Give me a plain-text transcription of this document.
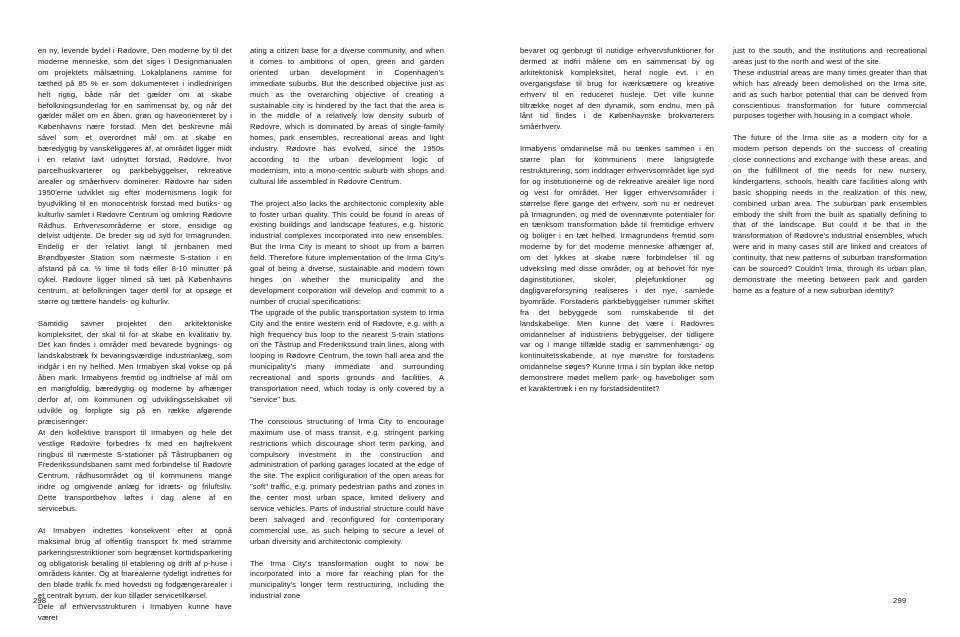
en ny, levende bydel i Rødovre, Den moderne by til det moderne menneske, som det siges i Designmanualen om projektets målsætning. Lokalplanens ramme for tæthed på 85 % er som dokumenteret i indledningen helt rigtig, både når det gælder om at skabe befolkningsunderlag for en sammensat by, og når det gælder målet om en åben, grøn og haveorienteret by i Københavns nære forstad. Men det beskrevne mål såvel som et overordnet mål om at skabe en bæredygtig by vanskeliggøres af, at området ligger midt i en relativt lavt udnyttet forstad, Rødovre, hvor parcelhuskvarterer og parkbebyggelser, rekreative arealer og småerhverv dominerer. Rødovre har siden 1950'erne udviklet sig efter modernismens logik for byudvikling til en monocentrisk forstad med butiks- og kulturliv samlet i Rødovre Centrum og omkring Rødovre Rådhus. Erhvervsområderne er store, ensidige og delvist udtjente. De breder sig ud syd for Irmagrunden. Endelig er der relativt langt til jernbanen med Brøndbyøster Station som nærmeste S-station i en afstand på ca. ½ time til fods eller 8-10 minutter på cykel. Rødovre ligger tilmed så tæt på Københavns centrum, at befolkningen tager dertil for at opsøge et større og tættere handels- og kulturliv.

Samtidig savner projektet den arkitektoniske kompleksitet, der skal til for at skabe en kvalitativ by. Det kan findes i områder med bevarede bygnings- og landskabstræk fx bevaringsværdige industrianlæg, som indgår i en ny helhed. Men Irmabyen skal vokse op på åben mark. Irmabyens fremtid og indfrielse af mål om en mangfoldig, bæredygtig og moderne by afhænger derfor af, om kommunen og udviklingsselskabet vil udvikle og forpligte sig på en række afgørende præciseringer:

At den kollektive transport til Irmabyen og hele det vestlige Rødovre forbedres fx med en højfrekvent ringbus til nærmeste S-stationer på Tåstrupbanen og Frederikssundsbanen samt med forbindelse til Rødovre Centrum, rådhusområdet og til kommunens mange indre og omgivende anlæg for idræts- og friluftsliv. Dette transportbehov løftes i dag alene af en servicebus.

At Irmabyen indrettes konsekvent efter at opnå maksimal brug af offentlig transport fx med stramme parkeringsrestriktioner som begrænset korttidsparkering og obligatorisk betaling til etablering og drift af p-huse i områdets kanter. Og at friarealerne tydeligt indrettes for den bløde trafik fx med hovedsti og fodgængerarealer i et centralt byrum, der kun tillader servicetilkørsel.

Dele af erhvervsstrukturen i Irmabyen kunne have været

ating a citizen base for a diverse community, and when it comes to ambitions of open, green and garden oriented urban development in Copenhagen's immediate suburbs. But the described objective just as much as the overarching objective of creating a sustainable city is hindered by the fact that the area is in the middle of a relatively low density suburb of Rødovre, which is dominated by areas of single-family homes, park ensembles, recreational areas and light industry. Rødovre has evolved, since the 1950s according to the urban development logic of modernism, into a mono-centric suburb with shops and cultural life assembled in Rødovre Centrum.

The project also lacks the architectonic complexity able to foster urban quality. This could be found in areas of existing buildings and landscape features, e.g. historic industrial complexes incorporated into new ensembles. But the Irma City is meant to shoot up from a barren field. Therefore future implementation of the Irma City's goal of being a diverse, sustainable and modern town hinges on whether the municipality and the development corporation will develop and commit to a number of crucial specifications:

The upgrade of the public transportation system to Irma City and the entire western end of Rødovre, e.g. with a high frequency bus loop to the nearest S-train stations on the Tåstrup and Frederikssund train lines, along with looping in Rødovre Centrum, the town hall area and the municipality's many immediate and surrounding recreational and sports grounds and facilities. A transportation need, which today is only covered by a "service" bus.

The conscious structuring of Irma City to encourage maximum use of mass transit, e.g. stringent parking restrictions which discourage short term parking, and compulsory investment in the construction and administration of parking garages located at the edge of the site. The explicit configuration of the open areas for "soft" traffic, e.g. primary pedestrian paths and zones in the center most urban space, limited delivery and service vehicles. Parts of industrial structure could have been salvaged and reconfigured for contemporary commercial use, as such helping to secure a level of urban diversity and architectonic complexity.

The Irma City's transformation ought to now be incorporated into a more far reaching plan for the municipality's longer term restructuring, including the industrial zone

bevaret og genbrugt til nutidige erhvervsfunktioner for dermed at indfri målene om en sammensat by og arkitektonisk kompleksitet, heraf nogle evt. i en overgangsfase til brug for iværksættere og kreative erhverv til en reduceret husleje. Det ville kunne tiltrække noget af den dynamik, som endnu, men på lånt tid findes i de Københavnske brokvarterers småerhverv.

Irmabyens omdannelse må nu tænkes sammen i en større plan for kommunens mere langsigtede restrukturering, som inddrager erhvervsområdet lige syd for og institutionerne og de rekreative arealer lige nord og vest for området. Her ligger erhvervsområder i størrelse flere gange det erhverv, som nu er nedrevet på Irmagrunden, og med de ovennævnte potentialer for en tænksom transformation både til fremtidige erhverv og boliger i en tæt helhed. Irmagrundens fremtid som moderne by for det moderne menneske afhænger af, om det lykkes at skabe nære forbindelser til og udveksling med disse områder, og at behovet for nye daginstitutioner, skoler, plejefunktioner og dagligvareforsyning realiseres i det nye, samlede byområde. Forstadens parkbebyggelser rummer skiftet fra det bebyggede som rumskabende til det landskabelige. Men kunne det være i Rødovres omdannelser af industriens bebyggelser, der tidligere var og i mange tilfælde stadig er sammenhængs- og kontinuitetsskabende, at nye mønstre for forstadens omdannelse søges? Kunne Irma i sin byplan ikke netop demonstrere mødet mellem park- og haveboliger som et karaktertræk i en ny forstadsidentitet?

just to the south, and the institutions and recreational areas just to the north and west of the site.

These industrial areas are many times greater than that which has already been demolished on the Irma site, and as such harbor potential that can be derived from conscientious transformation for future commercial purposes together with housing in a compact whole.

The future of the Irma site as a modern city for a modern person depends on the success of creating close connections and exchange with these areas, and on the fulfillment of the needs for new nursery, kindergartens, schools, health care facilities along with basic shopping needs in the realization of this new, combined urban area. The suburban park ensembles embody the shift from the built as spatially defining to that of the landscape. But could it be that in the transformation of Rødovre's industrial ensembles, which were and in many cases still are linked and creators of continuity, that new patterns of suburban transformation can be sourced? Couldn't Irma, through its urban plan, demonstrate the meeting between park and garden home as a feature of a new suburban identity?

298	299
